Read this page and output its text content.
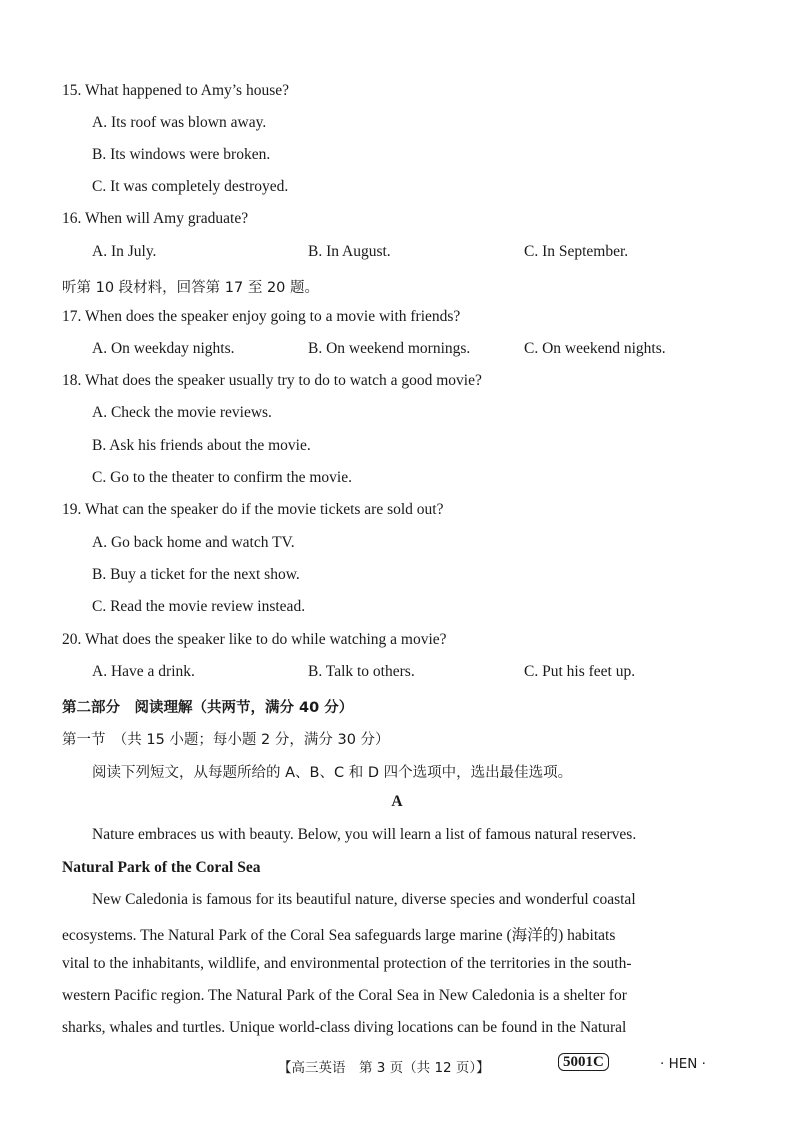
15. What happened to Amy’s house?
A. Its roof was blown away.
B. Its windows were broken.
C. It was completely destroyed.
16. When will Amy graduate?
A. In July.	B. In August.	C. In September.
听第 10 段材料，回答第 17 至 20 题。
17. When does the speaker enjoy going to a movie with friends?
A. On weekday nights.	B. On weekend mornings.	C. On weekend nights.
18. What does the speaker usually try to do to watch a good movie?
A. Check the movie reviews.
B. Ask his friends about the movie.
C. Go to the theater to confirm the movie.
19. What can the speaker do if the movie tickets are sold out?
A. Go back home and watch TV.
B. Buy a ticket for the next show.
C. Read the movie review instead.
20. What does the speaker like to do while watching a movie?
A. Have a drink.	B. Talk to others.	C. Put his feet up.
第二部分　阅读理解（共两节，满分 40 分）
第一节　（共 15 小题；每小题 2 分，满分 30 分）
阅读下列短文，从每题所给的 A、B、C 和 D 四个选项中，选出最佳选项。
A
Nature embraces us with beauty. Below, you will learn a list of famous natural reserves.
Natural Park of the Coral Sea
New Caledonia is famous for its beautiful nature, diverse species and wonderful coastal
ecosystems. The Natural Park of the Coral Sea safeguards large marine (海洋的) habitats
vital to the inhabitants, wildlife, and environmental protection of the territories in the south-
western Pacific region. The Natural Park of the Coral Sea in New Caledonia is a shelter for
sharks, whales and turtles. Unique world-class diving locations can be found in the Natural
【高三英语　第 3 页（共 12 页）】	5001C	· HEN ·
